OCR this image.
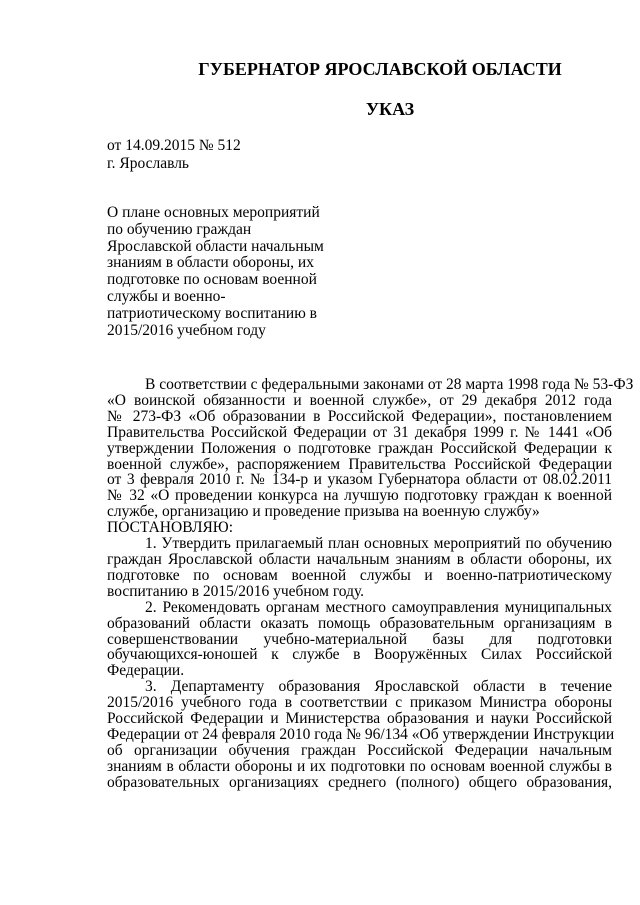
ГУБЕРНАТОР ЯРОСЛАВСКОЙ ОБЛАСТИ
УКАЗ
от 14.09.2015 № 512
г. Ярославль
О плане основных мероприятий
по обучению граждан
Ярославской области начальным
знаниям в области обороны, их
подготовке по основам военной
службы и военно-
патриотическому воспитанию в
2015/2016 учебном году
В соответствии с федеральными законами от 28 марта 1998 года № 53-ФЗ
«О воинской обязанности и военной службе», от 29 декабря 2012 года
№ 273-ФЗ «Об образовании в Российской Федерации», постановлением
Правительства Российской Федерации от 31 декабря 1999 г. № 1441 «Об
утверждении Положения о подготовке граждан Российской Федерации к
военной службе», распоряжением Правительства Российской Федерации
от 3 февраля 2010 г. № 134-р и указом Губернатора области от 08.02.2011
№ 32 «О проведении конкурса на лучшую подготовку граждан к военной
службе, организацию и проведение призыва на военную службу»
ПОСТАНОВЛЯЮ:
1. Утвердить прилагаемый план основных мероприятий по обучению
граждан Ярославской области начальным знаниям в области обороны, их
подготовке по основам военной службы и военно-патриотическому
воспитанию в 2015/2016 учебном году.
2. Рекомендовать органам местного самоуправления муниципальных
образований области оказать помощь образовательным организациям в
совершенствовании учебно-материальной базы для подготовки
обучающихся-юношей к службе в Вооружённых Силах Российской
Федерации.
3. Департаменту образования Ярославской области в течение
2015/2016 учебного года в соответствии с приказом Министра обороны
Российской Федерации и Министерства образования и науки Российской
Федерации от 24 февраля 2010 года № 96/134 «Об утверждении Инструкции
об организации обучения граждан Российской Федерации начальным
знаниям в области обороны и их подготовки по основам военной службы в
образовательных организациях среднего (полного) общего образования,
